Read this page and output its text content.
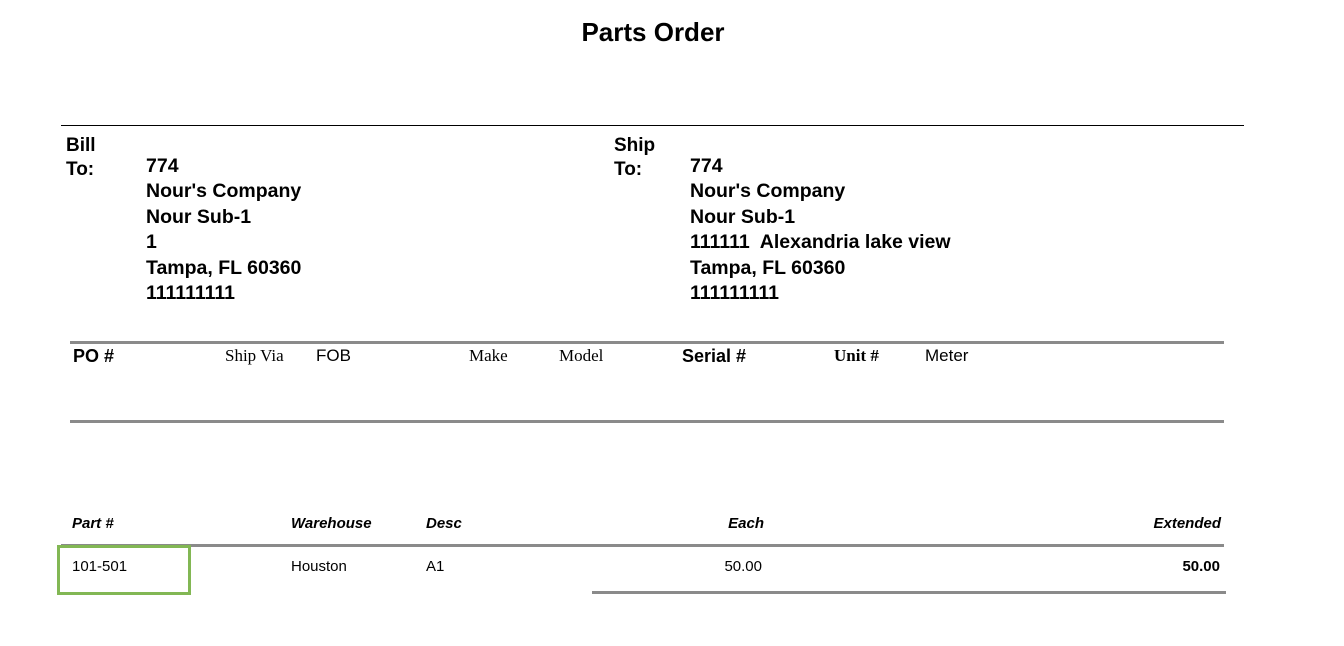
Parts Order
Bill
To:	774
Nour's Company
Nour Sub-1
1
Tampa, FL 60360
111111111
Ship
To:	774
Nour's Company
Nour Sub-1
111111  Alexandria lake view
Tampa, FL 60360
111111111
PO #	Ship Via FOB	Make	Model	Serial #	Unit #	Meter
Part #	Warehouse	Desc	Each	Extended
101-501	Houston	A1	50.00	50.00
